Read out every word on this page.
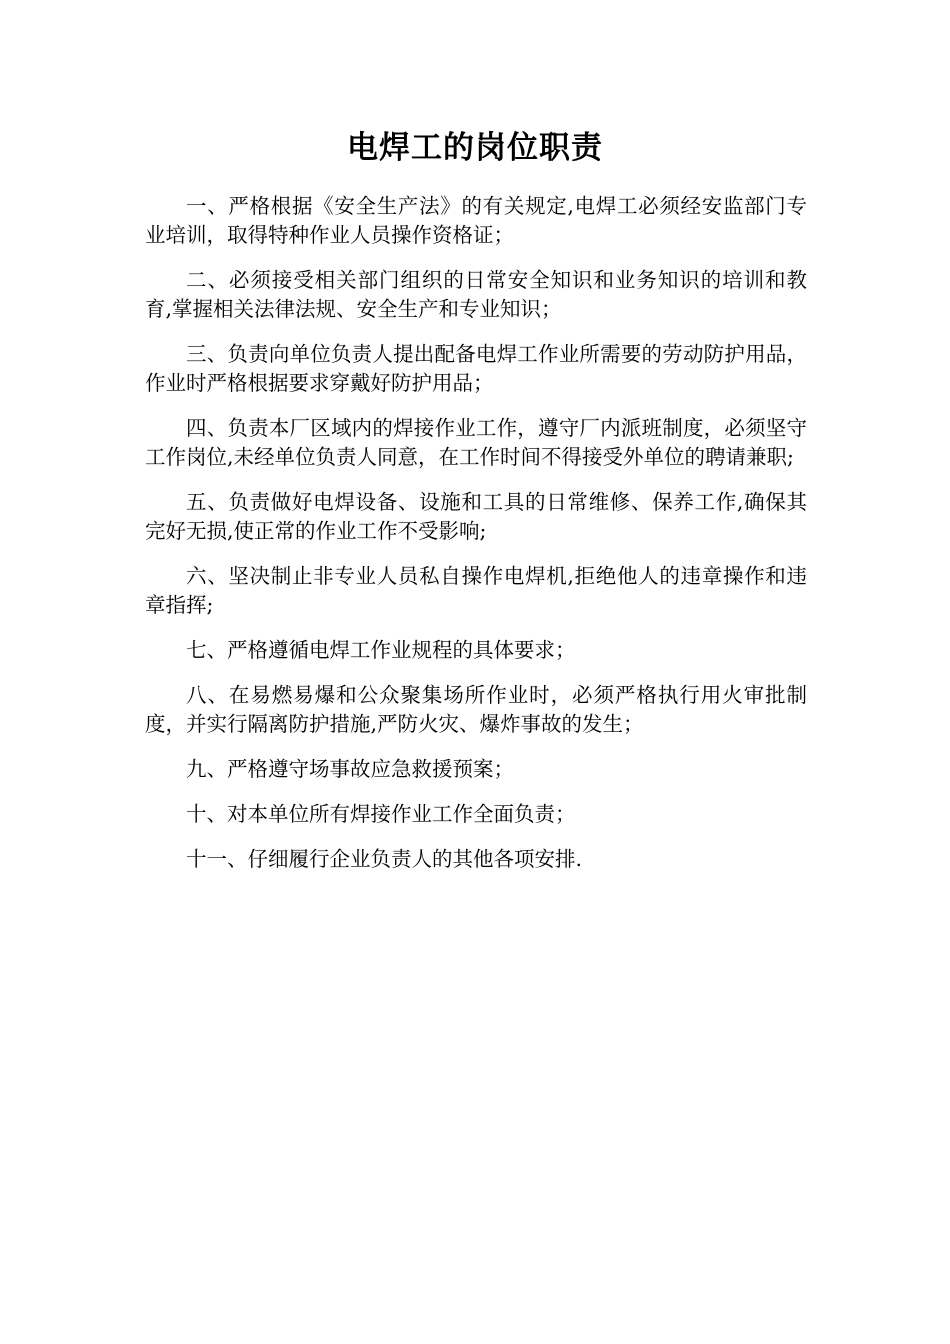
电焊工的岗位职责

一、严格根据《安全生产法》的有关规定,电焊工必须经安监部门专业培训，取得特种作业人员操作资格证；

二、必须接受相关部门组织的日常安全知识和业务知识的培训和教育,掌握相关法律法规、安全生产和专业知识；

三、负责向单位负责人提出配备电焊工作业所需要的劳动防护用品，作业时严格根据要求穿戴好防护用品；

四、负责本厂区域内的焊接作业工作，遵守厂内派班制度，必须坚守工作岗位,未经单位负责人同意，在工作时间不得接受外单位的聘请兼职;

五、负责做好电焊设备、设施和工具的日常维修、保养工作,确保其完好无损,使正常的作业工作不受影响;

六、坚决制止非专业人员私自操作电焊机,拒绝他人的违章操作和违章指挥;

七、严格遵循电焊工作业规程的具体要求；

八、在易燃易爆和公众聚集场所作业时，必须严格执行用火审批制度，并实行隔离防护措施,严防火灾、爆炸事故的发生；

九、严格遵守场事故应急救援预案；

十、对本单位所有焊接作业工作全面负责；

十一、仔细履行企业负责人的其他各项安排.
